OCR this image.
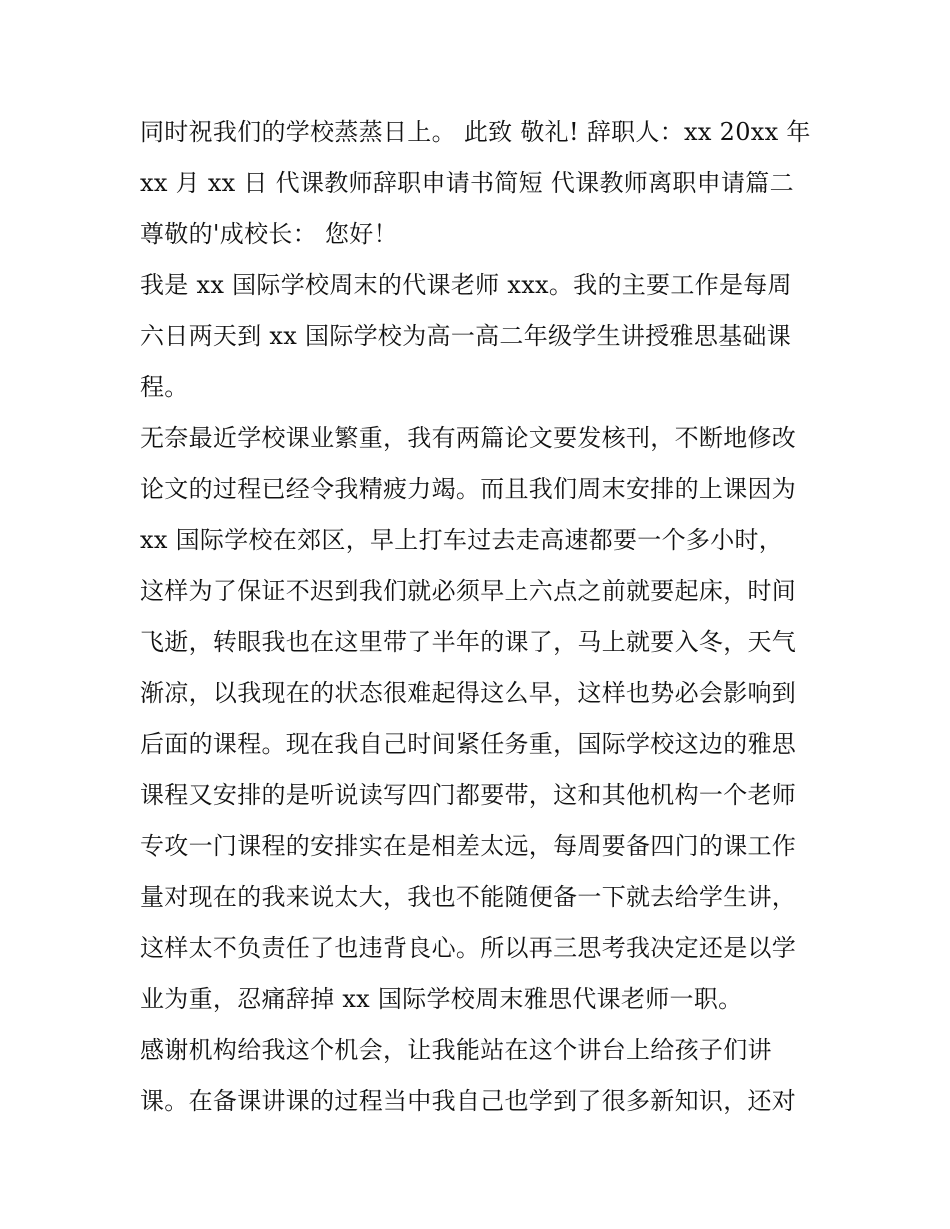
同时祝我们的学校蒸蒸日上。 此致 敬礼! 辞职人：xx 20xx 年
xx 月 xx 日 代课教师辞职申请书简短 代课教师离职申请篇二
尊敬的'成校长： 您好！
我是 xx 国际学校周末的代课老师 xxx。我的主要工作是每周
六日两天到 xx 国际学校为高一高二年级学生讲授雅思基础课
程。
无奈最近学校课业繁重，我有两篇论文要发核刊，不断地修改
论文的过程已经令我精疲力竭。而且我们周末安排的上课因为
xx 国际学校在郊区，早上打车过去走高速都要一个多小时，
这样为了保证不迟到我们就必须早上六点之前就要起床，时间
飞逝，转眼我也在这里带了半年的课了，马上就要入冬，天气
渐凉，以我现在的状态很难起得这么早，这样也势必会影响到
后面的课程。现在我自己时间紧任务重，国际学校这边的雅思
课程又安排的是听说读写四门都要带，这和其他机构一个老师
专攻一门课程的安排实在是相差太远，每周要备四门的课工作
量对现在的我来说太大，我也不能随便备一下就去给学生讲，
这样太不负责任了也违背良心。所以再三思考我决定还是以学
业为重，忍痛辞掉 xx 国际学校周末雅思代课老师一职。
感谢机构给我这个机会，让我能站在这个讲台上给孩子们讲
课。在备课讲课的过程当中我自己也学到了很多新知识，还对
